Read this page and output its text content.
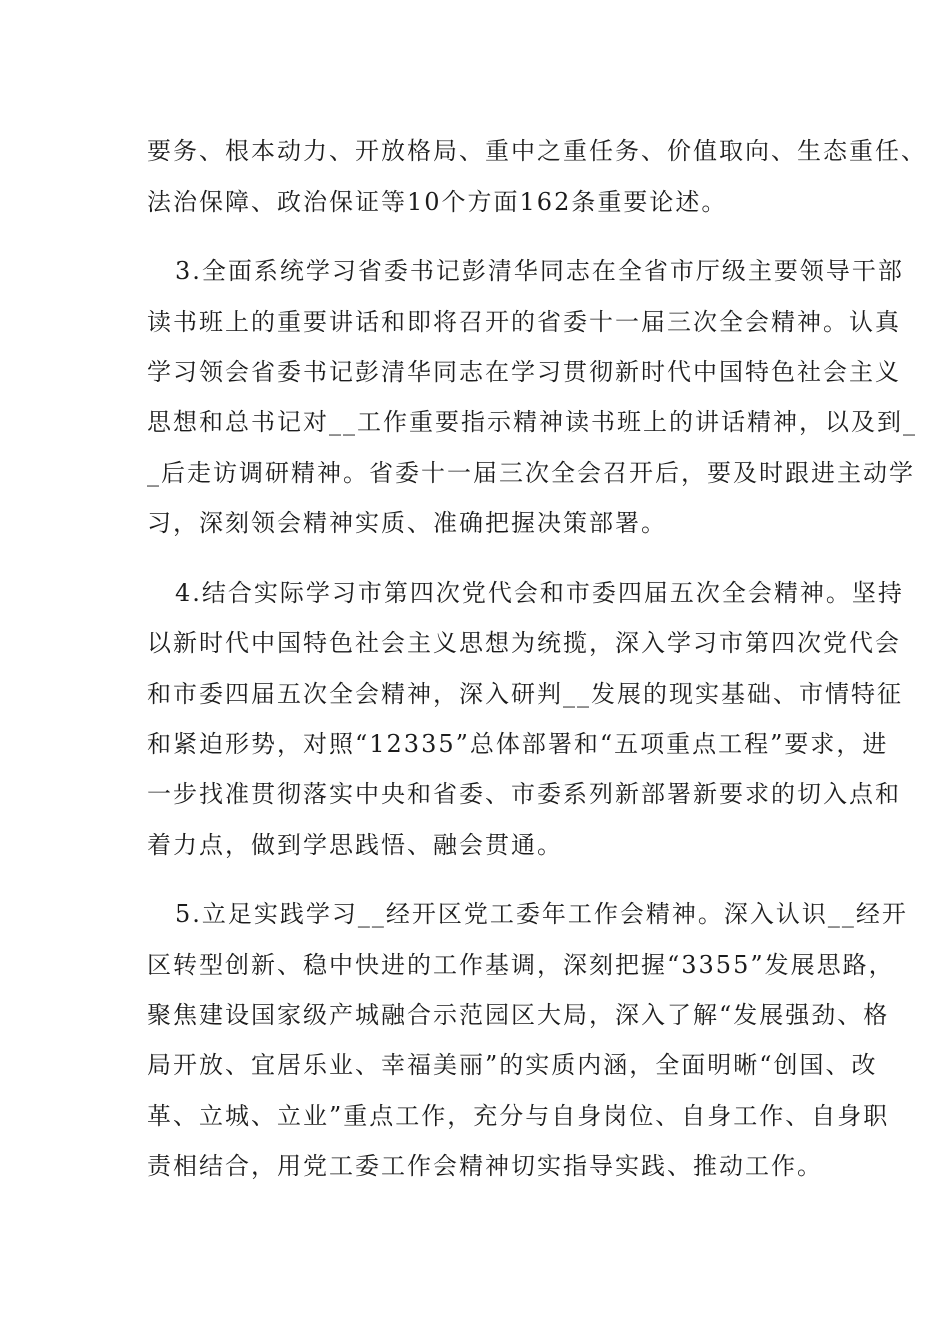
要务、根本动力、开放格局、重中之重任务、价值取向、生态重任、
法治保障、政治保证等10个方面162条重要论述。
3.全面系统学习省委书记彭清华同志在全省市厅级主要领导干部
读书班上的重要讲话和即将召开的省委十一届三次全会精神。认真
学习领会省委书记彭清华同志在学习贯彻新时代中国特色社会主义
思想和总书记对__工作重要指示精神读书班上的讲话精神，以及到_
_后走访调研精神。省委十一届三次全会召开后，要及时跟进主动学
习，深刻领会精神实质、准确把握决策部署。
4.结合实际学习市第四次党代会和市委四届五次全会精神。坚持
以新时代中国特色社会主义思想为统揽，深入学习市第四次党代会
和市委四届五次全会精神，深入研判__发展的现实基础、市情特征
和紧迫形势，对照“12335”总体部署和“五项重点工程”要求，进
一步找准贯彻落实中央和省委、市委系列新部署新要求的切入点和
着力点，做到学思践悟、融会贯通。
5.立足实践学习__经开区党工委年工作会精神。深入认识__经开
区转型创新、稳中快进的工作基调，深刻把握“3355”发展思路，
聚焦建设国家级产城融合示范园区大局，深入了解“发展强劲、格
局开放、宜居乐业、幸福美丽”的实质内涵，全面明晰“创国、改
革、立城、立业”重点工作，充分与自身岗位、自身工作、自身职
责相结合，用党工委工作会精神切实指导实践、推动工作。
